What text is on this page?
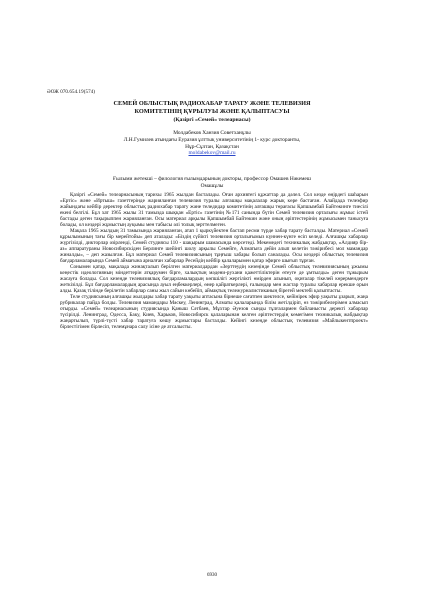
ӘОЖ 070.654.19(574)
СЕМЕЙ ОБЛЫСТЫҚ РАДИОХАБАР ТАРАТУ ЖӘНЕ ТЕЛЕВИЗИЯ
КОМИТЕТІНІҢ ҚҰРЫЛУЫ ЖӘНЕ ҚАЛЫПТАСУЫ
(Қазіргі «Семей» телеарнасы)
Молдабеков Ханзия Советханұлы
Л.Н.Гумилев атындағы Еуразия ұлттық университетінің 1- курс докторанты,
Нұр-Сұлтан, Қазақстан
moldabekov@mail.ru
Ғылыми жетекші – филология ғылымдарының докторы, профессор Омашев Нәкемеш
Омашұлы

Қазіргі «Семей» телеарнасының тарихы 1965 жылдан басталады. Оған архивтегі құжаттар да дәлел. Сол кезде өңірдегі шаһарын «Ертіс» және «Иртыш» газеттерінде жарияланған телевизия туралы алғашқы мақалалар жарық көре бастаған. Алайдада телеэфир жайындағы кейбір деректер облыстық радиохабар тарату және теледидар комитетінің алғашқы төрағасы Қапшымбай Байтөкинге тиесілі екені белгілі. Бұл хат 1965 жылы 31 тамызда шыққан «Ертіс» газетінің №171 санында бүтін Семей телевизия орталығы жұмыс істей бастады деген тақырыппен жарияланған. Осы материал арқылы Қапшымбай Байтөкин және оның әріптестерінің жұмысымен танысуға болады, ол кездері жұмыстың ауқымы мен табысы әлі толық зерттелмеген.

Мақала 1965 жылдың 31 тамызында жарияланған, атап 1 қыркүйектен бастап ресми түрде хабар тарату басталды. Материал «Семей құрылымының тағы бір мерейтойы» деп аталады: «Біздің сүйікті телевизия орталығымыз күннен-күнге өсіп келеді. Алғашқы хабарлар жүргізілді, дикторлар әзірленді, Семей студиясы 110 - шақырым шамасында көрсетеді. Мекемедегі техникалық жабдықтар, «Алдияр бір-аз» аппаратураны Новосибирскіден Берлинге шейінгі шолу арқылы Семейге, Алматыға дейін алып келетін тәжірибесі мол мамандар жиналды», – деп жазылған. Бұл материал Семей телевизиясының тұңғыш хабары болып саналады. Осы кездері облыстық телевизия бағдарламаларында Семей аймағына арналған хабарлар Ресейдің кейбір қалаларымен қатар эфирге шығып тұрған.

Сонымен қатар, мақалада жинақталып берілген материалдардан «Зерттеудің кезеңінде Семей облыстық телевизиясының ұжымы кеңестік идеологияның міндеттерін атқарумен бірге, халықтың мәдени-рухани қажеттіліктерін өтеуге де ұмтылды» деген тұжырым жасауға болады. Сол кезеңде телевизиялық бағдарламалардың көпшілігі жергілікті өмірден алынып, оқиғалар тікелей көрермендерге жеткізілді. Бұл бағдарламалардың арасында ауыл еңбеккерлері, өнер қайраткерлері, ғалымдар мен жастар туралы хабарлар ерекше орын алды. Қазақ тілінде берілетін хабарлар саны жыл сайын көбейіп, аймақтық тележурналистиканың бірегей мектебі қалыптасты.

Теле студиясының алғашқы жылдары хабар тарату уақыты аптасына бірнеше сағатпен шектелсе, кейінірек эфир уақыты ұзарып, жаңа рубрикалар пайда болды. Телевизия мамандары Мәскеу, Ленинград, Алматы қалаларында білім жетілдіріп, өз тәжірибелерімен алмасып отырды. «Семей» телеарнасының студиясында Қаныш Сәтбаев, Мұхтар Әуезов сынды тұлғалармен байланысты деректі хабарлар түсірілді. Ленинград, Одесса, Баку, Киев, Харьков, Новосибирск қалаларынан келген әріптестердің көмегімен техникалық жабдықтар жаңартылып, түрлі-түсті хабар таратуға көшу жұмыстары басталды. Кейінгі кезеңде облыстық телевизия «Майлыкентпроект» бірлестігімен бірлесіп, телемұнара салу ісіне де атсалысты.

6930
